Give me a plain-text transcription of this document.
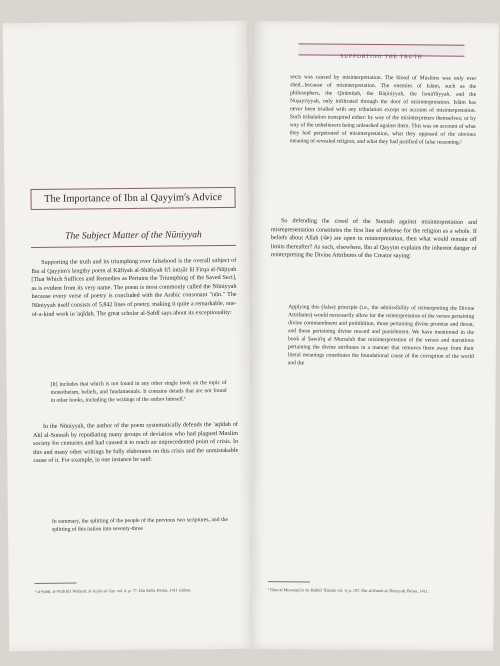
The Importance of Ibn al Qayyim's Advice
The Subject Matter of the Nūniyyah

Supporting the truth and its triumphing over falsehood is the overall subject of Ibn al Qayyim's lengthy poem al Kāfiyah al-Shāfiyah fi'l intiṣār lil Firqa al-Nājiyah [That Which Suffices and Remedies as Pertains the Triumphing of the Saved Sect], as is evident from its very name. The poem is most commonly called the Nūniyyah because every verse of poetry is concluded with the Arabic consonant "nūn." The Nūniyyah itself consists of 5,842 lines of poetry, making it quite a remarkable, one-of-a-kind work in 'aqīdah. The great scholar al-Ṣafdī says about its exceptionality:

[It] includes that which is not found in any other single book on the topic of monotheism, beliefs, and fundamentals. It contains details that are not found in other books, including the writings of the author himself.¹

In the Nūniyyah, the author of the poem systematically defends the 'aqīdah of Ahl al-Sunnah by repudiating many groups of deviation who had plagued Muslim society for centuries and had caused it to reach an unprecedented point of crisis. In this and many other writings he fully elaborates on this crisis and the unmistakable cause of it. For example, in one instance he said:

In summary, the splitting of the people of the previous two scriptures, and the splitting of this nation into seventy-three

¹ al-Ṣafdī, al-Wāfī bi'l Wafayāt; al-A'yān al-'Aṣr. vol. 4, p. 77, Dār Ṣādir, Beirut, 1411 edition.

SUPPORTING THE TRUTH

sects was caused by misinterpretation. The blood of Muslims was only ever shed...because of misinterpretation. The enemies of Islām, such as the philosophers, the Qirāmiṭah, the Bāṭiniyyah, the Ismā'īliyyah, and the Nuṣayriyyah, only infiltrated through the door of misinterpretation. Islām has never been trialled with any tribulation except on account of misinterpretation. Such tribulation transpired either: by way of the misinterpreters themselves; or by way of the unbelievers being unleashed against them. This was on account of what they had perpetrated of misinterpretation, what they opposed of the obvious meaning of revealed religion, and what they had justified of false reasoning.²

So defending the creed of the Sunnah against misinterpretation and misrepresentation constitutes the first line of defense for the religion as a whole. If beliefs about Allah (ﷻ) are open to reinterpretation, then what would remain off limits thereafter? As such, elsewhere, Ibn al Qayyim explains the inherent danger of reinterpreting the Divine Attributes of the Creator saying:

Applying this (false) principle (i.e., the admissibility of reinterpreting the Divine Attributes) would necessarily allow for the reinterpretation of the verses pertaining divine commandment and prohibition, those pertaining divine promise and threat, and those pertaining divine reward and punishment. We have mentioned in the book al Ṣawā'iq al Mursalah that misinterpretation of the verses and narrations pertaining the divine attributes in a manner that removes them away from their literal meanings constitutes the foundational cause of the corruption of the world and the

² I'lām al Muwaqqi'īn 'an Rabbil 'Ālamīn vol. 4, p. 197, Dār al-Kutub al-'Ilmiyyah, Beirut, 1411.
